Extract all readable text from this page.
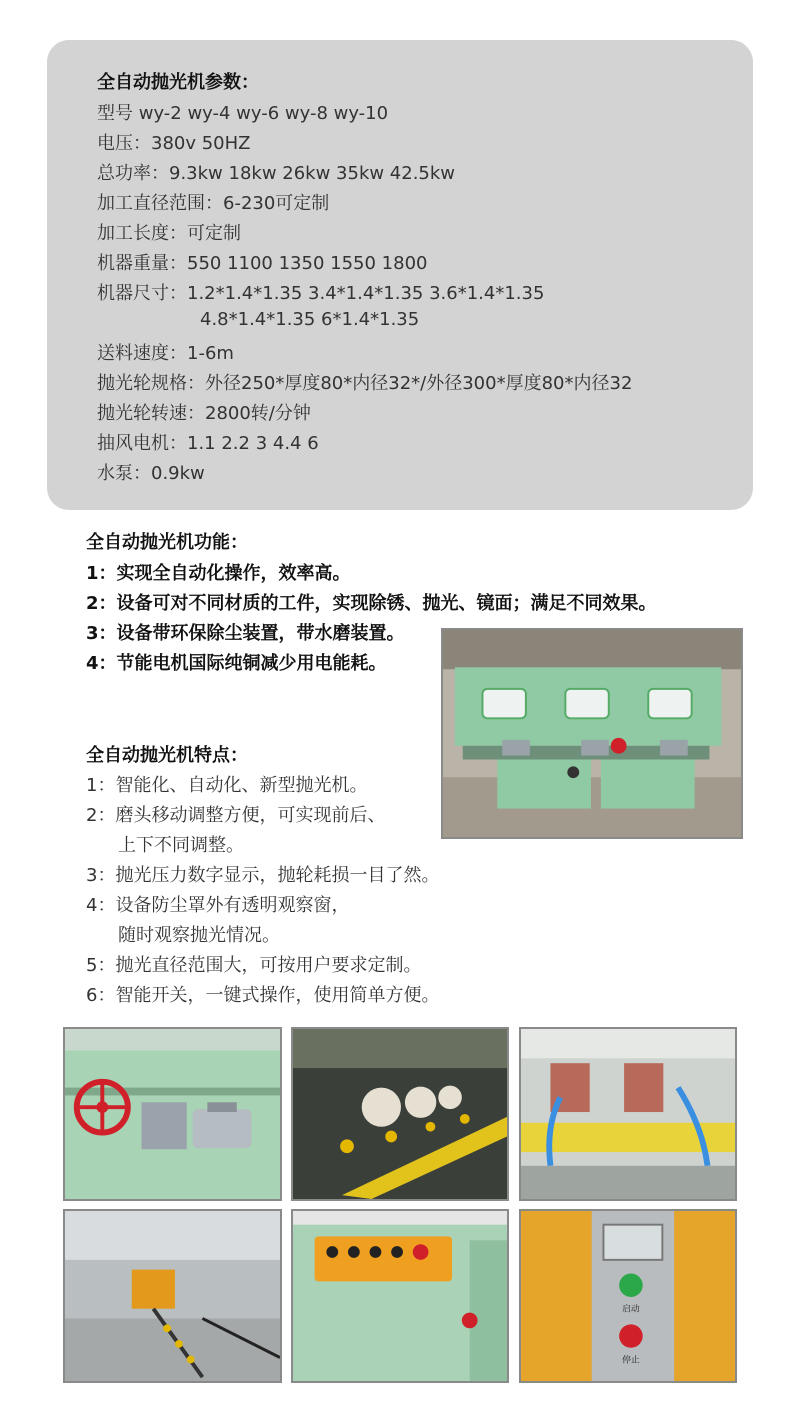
全自动抛光机参数：
型号 wy-2 wy-4 wy-6 wy-8 wy-10
电压：380v 50HZ
总功率：9.3kw 18kw 26kw 35kw 42.5kw
加工直径范围：6-230可定制
加工长度：可定制
机器重量：550 1100 1350 1550 1800
机器尺寸：1.2*1.4*1.35 3.4*1.4*1.35 3.6*1.4*1.35
4.8*1.4*1.35 6*1.4*1.35
送料速度：1-6m
抛光轮规格：外径250*厚度80*内径32*/外径300*厚度80*内径32
抛光轮转速：2800转/分钟
抽风电机：1.1 2.2 3 4.4 6
水泵：0.9kw
全自动抛光机功能：
1：实现全自动化操作，效率高。
2：设备可对不同材质的工件，实现除锈、抛光、镜面；满足不同效果。
3：设备带环保除尘装置，带水磨装置。
4：节能电机国际纯铜减少用电能耗。
全自动抛光机特点：
1：智能化、自动化、新型抛光机。
2：磨头移动调整方便，可实现前后、
上下不同调整。
3：抛光压力数字显示，抛轮耗损一目了然。
4：设备防尘罩外有透明观察窗，
随时观察抛光情况。
5：抛光直径范围大，可按用户要求定制。
6：智能开关，一键式操作，使用简单方便。
启动
停止
